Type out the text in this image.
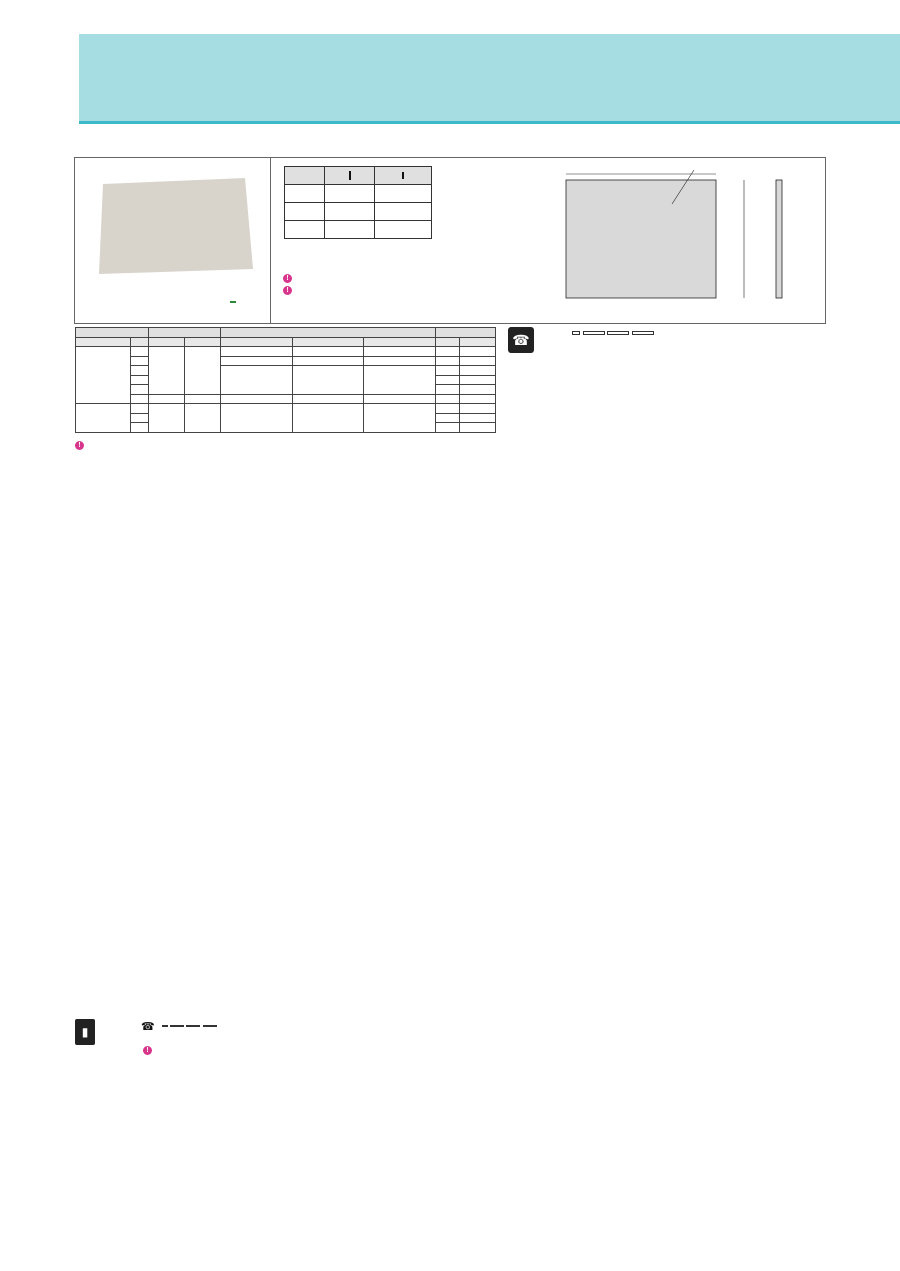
!
!

!
☎

▮	☎

!
